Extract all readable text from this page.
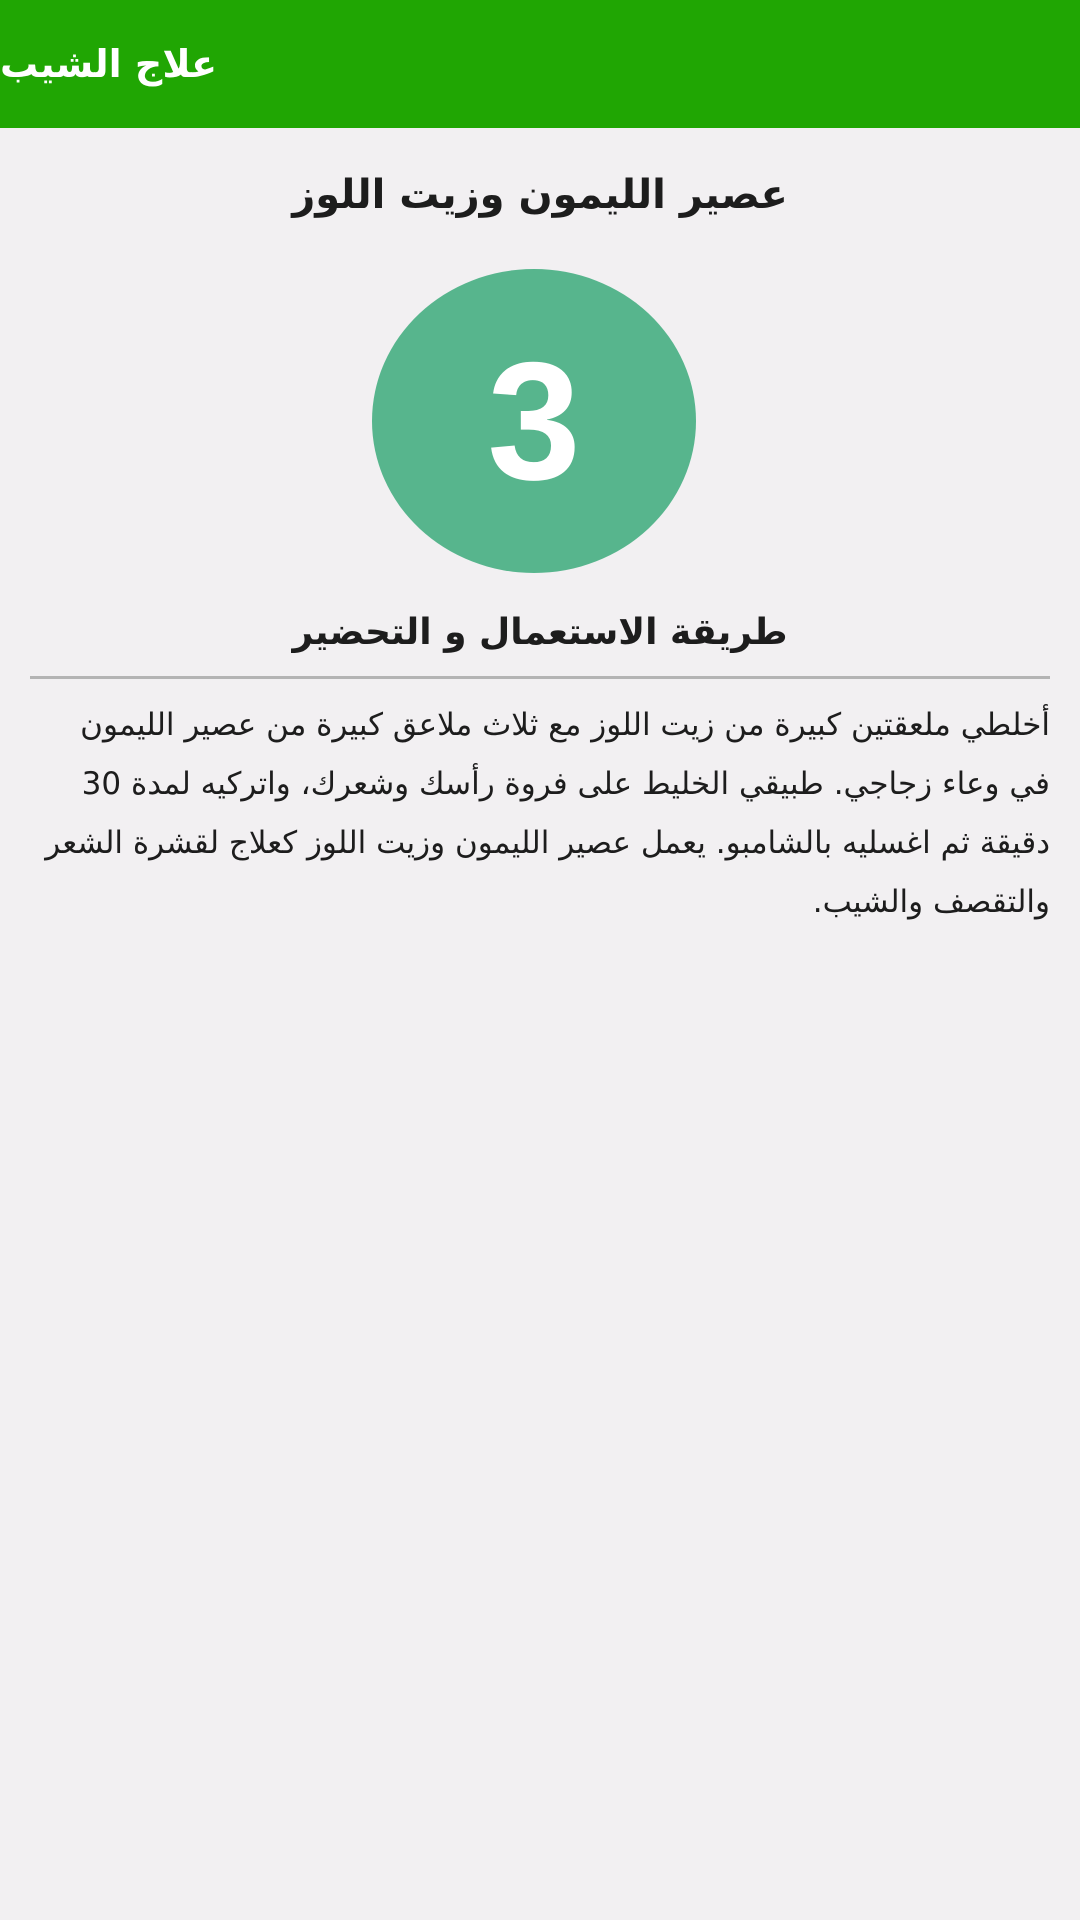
علاج الشيب
عصير الليمون وزيت اللوز
3
طريقة الاستعمال و التحضير

أخلطي ملعقتين كبيرة من زيت اللوز مع ثلاث ملاعق كبيرة من عصير الليمون في وعاء زجاجي. طبيقي الخليط على فروة رأسك وشعرك، واتركيه لمدة 30 دقيقة ثم اغسليه بالشامبو. يعمل عصير الليمون وزيت اللوز كعلاج لقشرة الشعر والتقصف والشيب.
